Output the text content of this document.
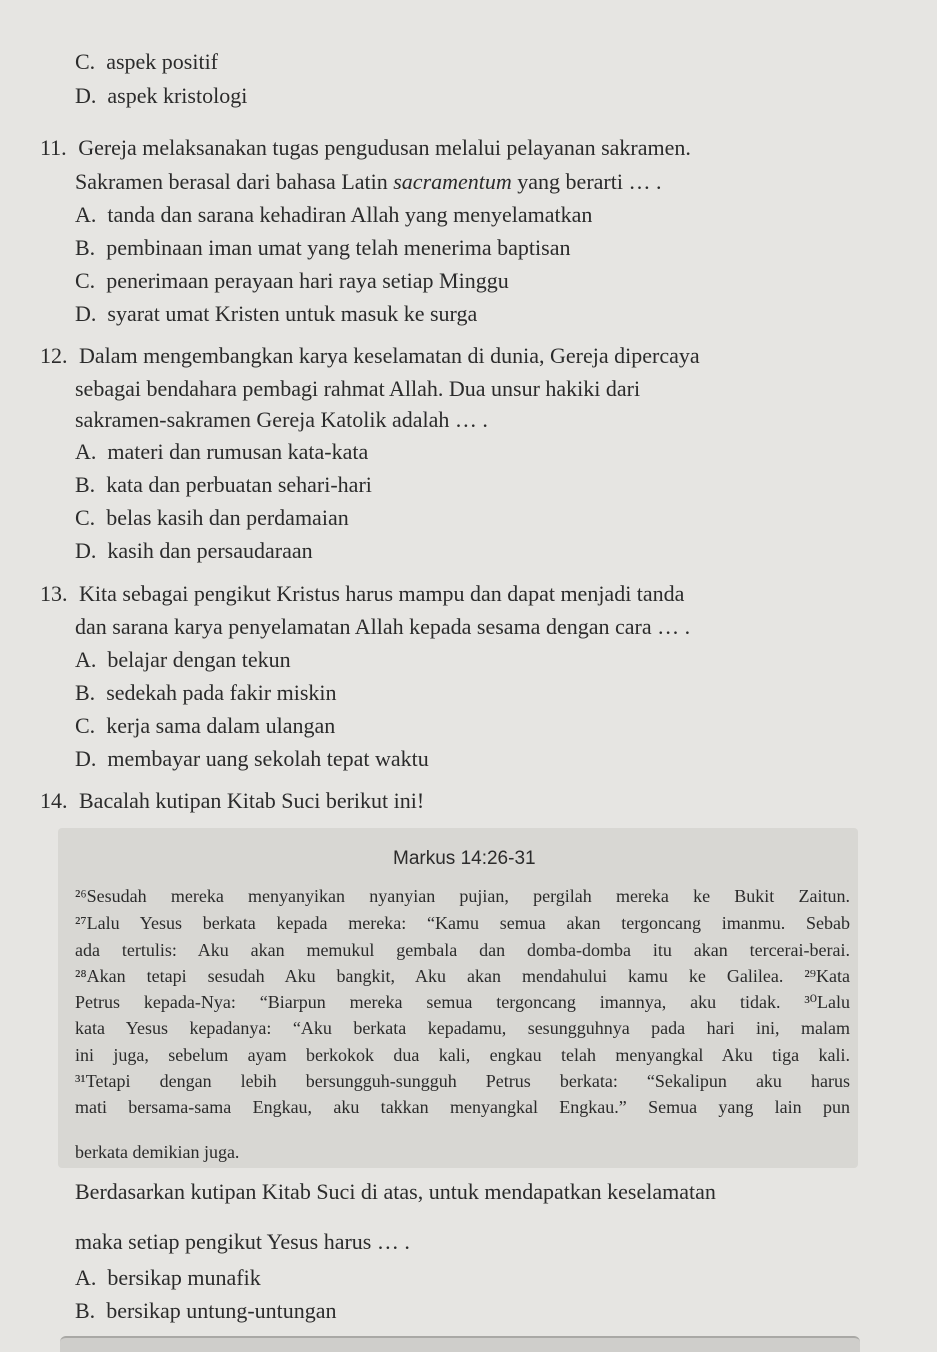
C. aspek positif
D. aspek kristologi
11. Gereja melaksanakan tugas pengudusan melalui pelayanan sakramen.
Sakramen berasal dari bahasa Latin sacramentum yang berarti … .
A. tanda dan sarana kehadiran Allah yang menyelamatkan
B. pembinaan iman umat yang telah menerima baptisan
C. penerimaan perayaan hari raya setiap Minggu
D. syarat umat Kristen untuk masuk ke surga
12. Dalam mengembangkan karya keselamatan di dunia, Gereja dipercaya
sebagai bendahara pembagi rahmat Allah. Dua unsur hakiki dari
sakramen-sakramen Gereja Katolik adalah … .
A. materi dan rumusan kata-kata
B. kata dan perbuatan sehari-hari
C. belas kasih dan perdamaian
D. kasih dan persaudaraan
13. Kita sebagai pengikut Kristus harus mampu dan dapat menjadi tanda
dan sarana karya penyelamatan Allah kepada sesama dengan cara … .
A. belajar dengan tekun
B. sedekah pada fakir miskin
C. kerja sama dalam ulangan
D. membayar uang sekolah tepat waktu
14. Bacalah kutipan Kitab Suci berikut ini!
Markus 14:26-31
²⁶Sesudah mereka menyanyikan nyanyian pujian, pergilah mereka ke Bukit Zaitun.
²⁷Lalu Yesus berkata kepada mereka: “Kamu semua akan tergoncang imanmu. Sebab
ada tertulis: Aku akan memukul gembala dan domba-domba itu akan tercerai-berai.
²⁸Akan tetapi sesudah Aku bangkit, Aku akan mendahului kamu ke Galilea. ²⁹Kata
Petrus kepada-Nya: “Biarpun mereka semua tergoncang imannya, aku tidak. ³⁰Lalu
kata Yesus kepadanya: “Aku berkata kepadamu, sesungguhnya pada hari ini, malam
ini juga, sebelum ayam berkokok dua kali, engkau telah menyangkal Aku tiga kali.
³¹Tetapi dengan lebih bersungguh-sungguh Petrus berkata: “Sekalipun aku harus
mati bersama-sama Engkau, aku takkan menyangkal Engkau.” Semua yang lain pun
berkata demikian juga.
Berdasarkan kutipan Kitab Suci di atas, untuk mendapatkan keselamatan
maka setiap pengikut Yesus harus … .
A. bersikap munafik
B. bersikap untung-untungan
